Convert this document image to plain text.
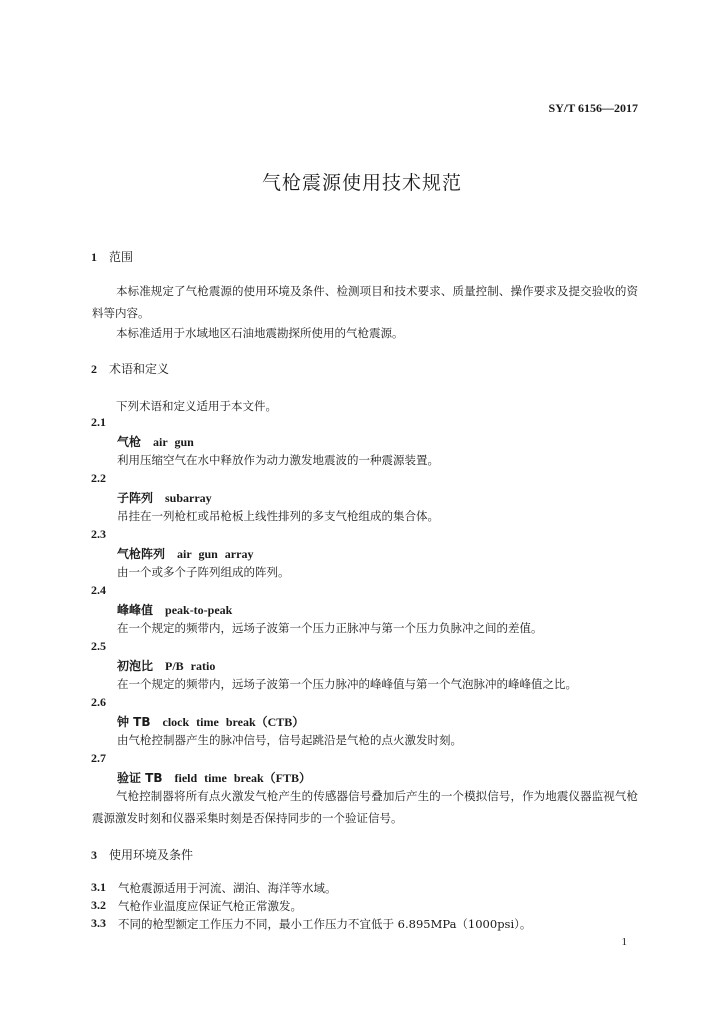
SY/T 6156—2017
气枪震源使用技术规范
1 范围
本标准规定了气枪震源的使用环境及条件、检测项目和技术要求、质量控制、操作要求及提交验收的资料等内容。
本标准适用于水域地区石油地震勘探所使用的气枪震源。
2 术语和定义
下列术语和定义适用于本文件。
2.1
气枪 air gun
利用压缩空气在水中释放作为动力激发地震波的一种震源装置。
2.2
子阵列 subarray
吊挂在一列枪杠或吊枪板上线性排列的多支气枪组成的集合体。
2.3
气枪阵列 air gun array
由一个或多个子阵列组成的阵列。
2.4
峰峰值 peak-to-peak
在一个规定的频带内，远场子波第一个压力正脉冲与第一个压力负脉冲之间的差值。
2.5
初泡比 P/B ratio
在一个规定的频带内，远场子波第一个压力脉冲的峰峰值与第一个气泡脉冲的峰峰值之比。
2.6
钟 TB clock time break（CTB）
由气枪控制器产生的脉冲信号，信号起跳沿是气枪的点火激发时刻。
2.7
验证 TB field time break（FTB）
气枪控制器将所有点火激发气枪产生的传感器信号叠加后产生的一个模拟信号，作为地震仪器监视气枪震源激发时刻和仪器采集时刻是否保持同步的一个验证信号。
3 使用环境及条件
3.1 气枪震源适用于河流、湖泊、海洋等水域。
3.2 气枪作业温度应保证气枪正常激发。
3.3 不同的枪型额定工作压力不同，最小工作压力不宜低于 6.895MPa（1000psi）。
1
